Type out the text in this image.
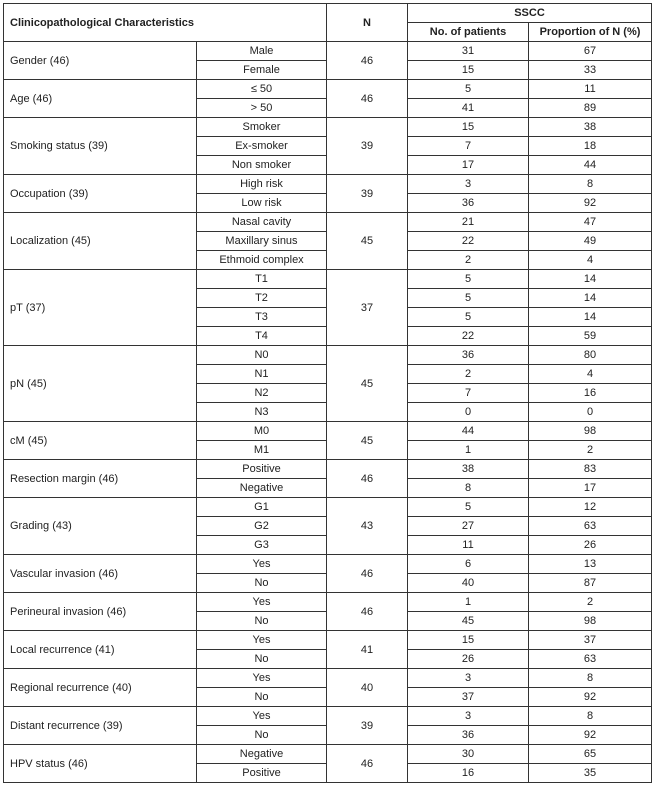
Clinicopathological Characteristics		N	SSCC	
			No. of patients	Proportion of N (%)
Gender (46)	Male	46	31	67
	Female		15	33
Age (46)	≤ 50	46	5	11
	> 50		41	89
Smoking status (39)	Smoker	39	15	38
	Ex-smoker		7	18
	Non smoker		17	44
Occupation (39)	High risk	39	3	8
	Low risk		36	92
Localization (45)	Nasal cavity	45	21	47
	Maxillary sinus		22	49
	Ethmoid complex		2	4
pT (37)	T1	37	5	14
	T2		5	14
	T3		5	14
	T4		22	59
pN (45)	N0	45	36	80
	N1		2	4
	N2		7	16
	N3		0	0
cM (45)	M0	45	44	98
	M1		1	2
Resection margin (46)	Positive	46	38	83
	Negative		8	17
Grading (43)	G1	43	5	12
	G2		27	63
	G3		11	26
Vascular invasion (46)	Yes	46	6	13
	No		40	87
Perineural invasion (46)	Yes	46	1	2
	No		45	98
Local recurrence (41)	Yes	41	15	37
	No		26	63
Regional recurrence (40)	Yes	40	3	8
	No		37	92
Distant recurrence (39)	Yes	39	3	8
	No		36	92
HPV status (46)	Negative	46	30	65
	Positive		16	35
